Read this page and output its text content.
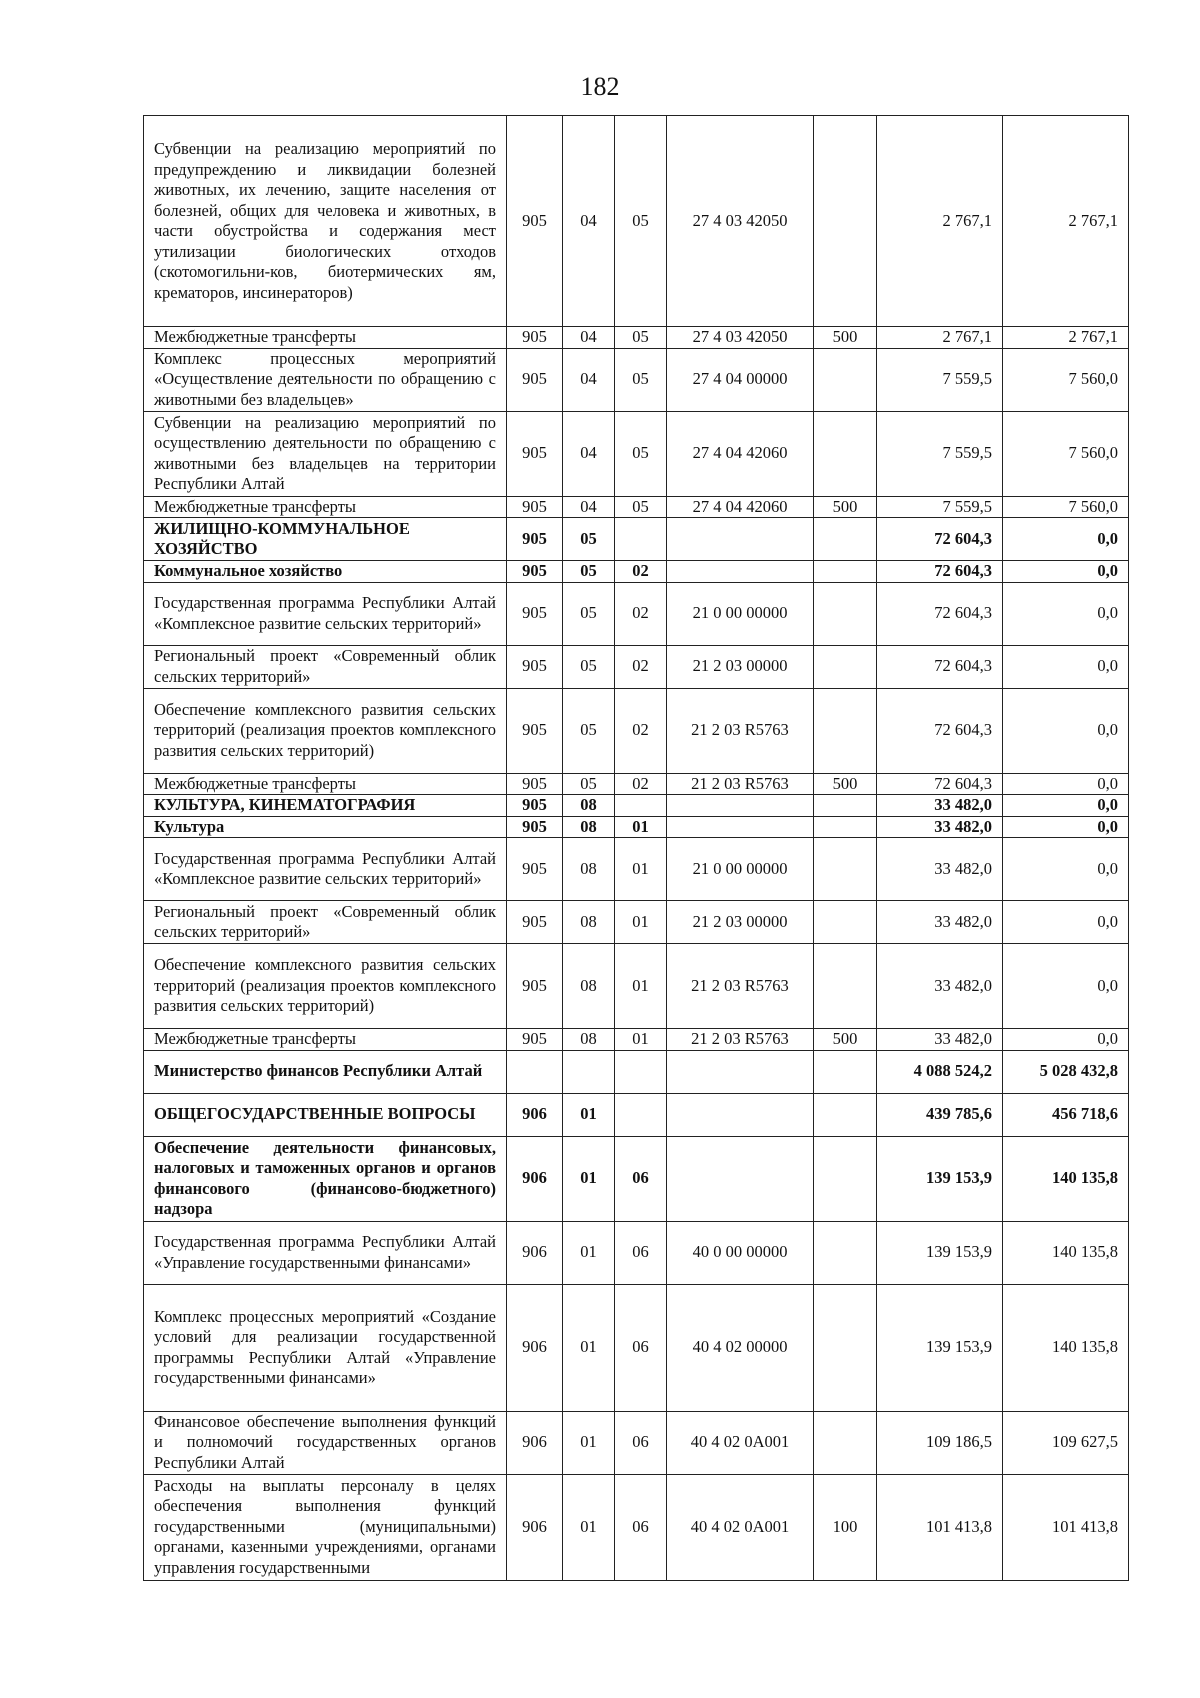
182
Субвенции на реализацию мероприятий по предупреждению и ликвидации болезней животных, их лечению, защите населения от болезней, общих для человека и животных, в части обустройства и содержания мест утилизации биологических отходов (скотомогильни-ков, биотермических ям, крематоров, инсинераторов)	905	04	05	27 4 03 42050		2 767,1	2 767,1
Межбюджетные трансферты	905	04	05	27 4 03 42050	500	2 767,1	2 767,1
Комплекс процессных мероприятий «Осуществление деятельности по обращению с животными без владельцев»	905	04	05	27 4 04 00000		7 559,5	7 560,0
Субвенции на реализацию мероприятий по осуществлению деятельности по обращению с животными без владельцев на территории Республики Алтай	905	04	05	27 4 04 42060		7 559,5	7 560,0
Межбюджетные трансферты	905	04	05	27 4 04 42060	500	7 559,5	7 560,0
ЖИЛИЩНО-КОММУНАЛЬНОЕ ХОЗЯЙСТВО	905	05				72 604,3	0,0
Коммунальное хозяйство	905	05	02			72 604,3	0,0
Государственная программа Республики Алтай «Комплексное развитие сельских территорий»	905	05	02	21 0 00 00000		72 604,3	0,0
Региональный проект «Современный облик сельских территорий»	905	05	02	21 2 03 00000		72 604,3	0,0
Обеспечение комплексного развития сельских территорий (реализация проектов комплексного развития сельских территорий)	905	05	02	21 2 03 R5763		72 604,3	0,0
Межбюджетные трансферты	905	05	02	21 2 03 R5763	500	72 604,3	0,0
КУЛЬТУРА, КИНЕМАТОГРАФИЯ	905	08				33 482,0	0,0
Культура	905	08	01			33 482,0	0,0
Государственная программа Республики Алтай «Комплексное развитие сельских территорий»	905	08	01	21 0 00 00000		33 482,0	0,0
Региональный проект «Современный облик сельских территорий»	905	08	01	21 2 03 00000		33 482,0	0,0
Обеспечение комплексного развития сельских территорий (реализация проектов комплексного развития сельских территорий)	905	08	01	21 2 03 R5763		33 482,0	0,0
Межбюджетные трансферты	905	08	01	21 2 03 R5763	500	33 482,0	0,0
Министерство финансов Республики Алтай						4 088 524,2	5 028 432,8
ОБЩЕГОСУДАРСТВЕННЫЕ ВОПРОСЫ	906	01				439 785,6	456 718,6
Обеспечение деятельности финансовых, налоговых и таможенных органов и органов финансового (финансово-бюджетного) надзора	906	01	06			139 153,9	140 135,8
Государственная программа Республики Алтай «Управление государственными финансами»	906	01	06	40 0 00 00000		139 153,9	140 135,8
Комплекс процессных мероприятий «Создание условий для реализации государственной программы Республики Алтай «Управление государственными финансами»	906	01	06	40 4 02 00000		139 153,9	140 135,8
Финансовое обеспечение выполнения функций и полномочий государственных органов Республики Алтай	906	01	06	40 4 02 0А001		109 186,5	109 627,5
Расходы на выплаты персоналу в целях обеспечения выполнения функций государственными (муниципальными) органами, казенными учреждениями, органами управления государственными	906	01	06	40 4 02 0А001	100	101 413,8	101 413,8
